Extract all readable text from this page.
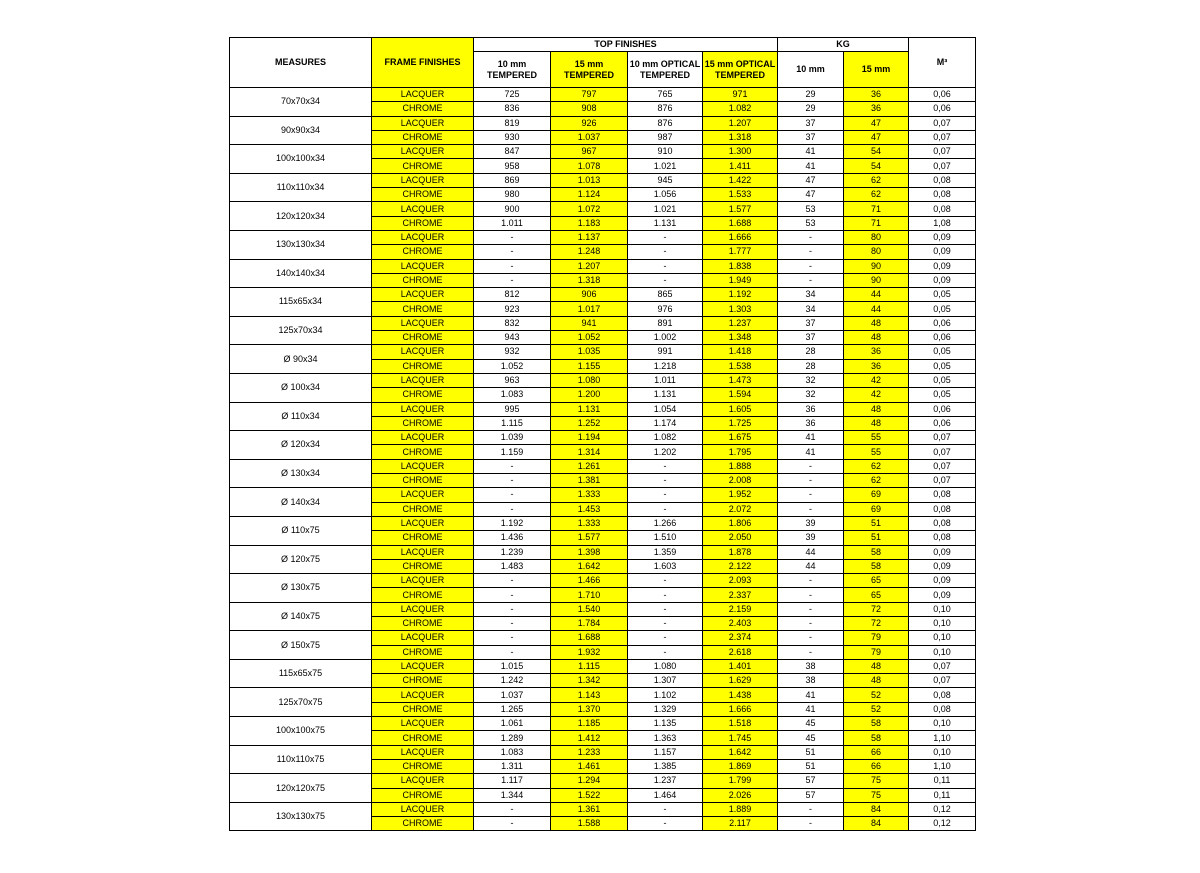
MEASURES	FRAME FINISHES	TOP FINISHES				KG		M³
		10 mm TEMPERED	15 mm TEMPERED	10 mm OPTICAL TEMPERED	15 mm OPTICAL TEMPERED	10 mm	15 mm	
70x70x34	LACQUER	725	797	765	971	29	36	0,06
	CHROME	836	908	876	1.082	29	36	0,06
90x90x34	LACQUER	819	926	876	1.207	37	47	0,07
	CHROME	930	1.037	987	1.318	37	47	0,07
100x100x34	LACQUER	847	967	910	1.300	41	54	0,07
	CHROME	958	1.078	1.021	1.411	41	54	0,07
110x110x34	LACQUER	869	1.013	945	1.422	47	62	0,08
	CHROME	980	1.124	1.056	1.533	47	62	0,08
120x120x34	LACQUER	900	1.072	1.021	1.577	53	71	0,08
	CHROME	1.011	1.183	1.131	1.688	53	71	1,08
130x130x34	LACQUER	-	1.137	-	1.666	-	80	0,09
	CHROME	-	1.248	-	1.777	-	80	0,09
140x140x34	LACQUER	-	1.207	-	1.838	-	90	0,09
	CHROME	-	1.318	-	1.949	-	90	0,09
115x65x34	LACQUER	812	906	865	1.192	34	44	0,05
	CHROME	923	1.017	976	1.303	34	44	0,05
125x70x34	LACQUER	832	941	891	1.237	37	48	0,06
	CHROME	943	1.052	1.002	1.348	37	48	0,06
Ø 90x34	LACQUER	932	1.035	991	1.418	28	36	0,05
	CHROME	1.052	1.155	1.218	1.538	28	36	0,05
Ø 100x34	LACQUER	963	1.080	1.011	1.473	32	42	0,05
	CHROME	1.083	1.200	1.131	1.594	32	42	0,05
Ø 110x34	LACQUER	995	1.131	1.054	1.605	36	48	0,06
	CHROME	1.115	1.252	1.174	1.725	36	48	0,06
Ø 120x34	LACQUER	1.039	1.194	1.082	1.675	41	55	0,07
	CHROME	1.159	1.314	1.202	1.795	41	55	0,07
Ø 130x34	LACQUER	-	1.261	-	1.888	-	62	0,07
	CHROME	-	1.381	-	2.008	-	62	0,07
Ø 140x34	LACQUER	-	1.333	-	1.952	-	69	0,08
	CHROME	-	1.453	-	2.072	-	69	0,08
Ø 110x75	LACQUER	1.192	1.333	1.266	1.806	39	51	0,08
	CHROME	1.436	1.577	1.510	2.050	39	51	0,08
Ø 120x75	LACQUER	1.239	1.398	1.359	1.878	44	58	0,09
	CHROME	1.483	1.642	1.603	2.122	44	58	0,09
Ø 130x75	LACQUER	-	1.466	-	2.093	-	65	0,09
	CHROME	-	1.710	-	2.337	-	65	0,09
Ø 140x75	LACQUER	-	1.540	-	2.159	-	72	0,10
	CHROME	-	1.784	-	2.403	-	72	0,10
Ø 150x75	LACQUER	-	1.688	-	2.374	-	79	0,10
	CHROME	-	1.932	-	2.618	-	79	0,10
115x65x75	LACQUER	1.015	1.115	1.080	1.401	38	48	0,07
	CHROME	1.242	1.342	1.307	1.629	38	48	0,07
125x70x75	LACQUER	1.037	1.143	1.102	1.438	41	52	0,08
	CHROME	1.265	1.370	1.329	1.666	41	52	0,08
100x100x75	LACQUER	1.061	1.185	1.135	1.518	45	58	0,10
	CHROME	1.289	1.412	1.363	1.745	45	58	1,10
110x110x75	LACQUER	1.083	1.233	1.157	1.642	51	66	0,10
	CHROME	1.311	1.461	1.385	1.869	51	66	1,10
120x120x75	LACQUER	1.117	1.294	1.237	1.799	57	75	0,11
	CHROME	1.344	1.522	1.464	2.026	57	75	0,11
130x130x75	LACQUER	-	1.361	-	1.889	-	84	0,12
	CHROME	-	1.588	-	2.117	-	84	0,12
